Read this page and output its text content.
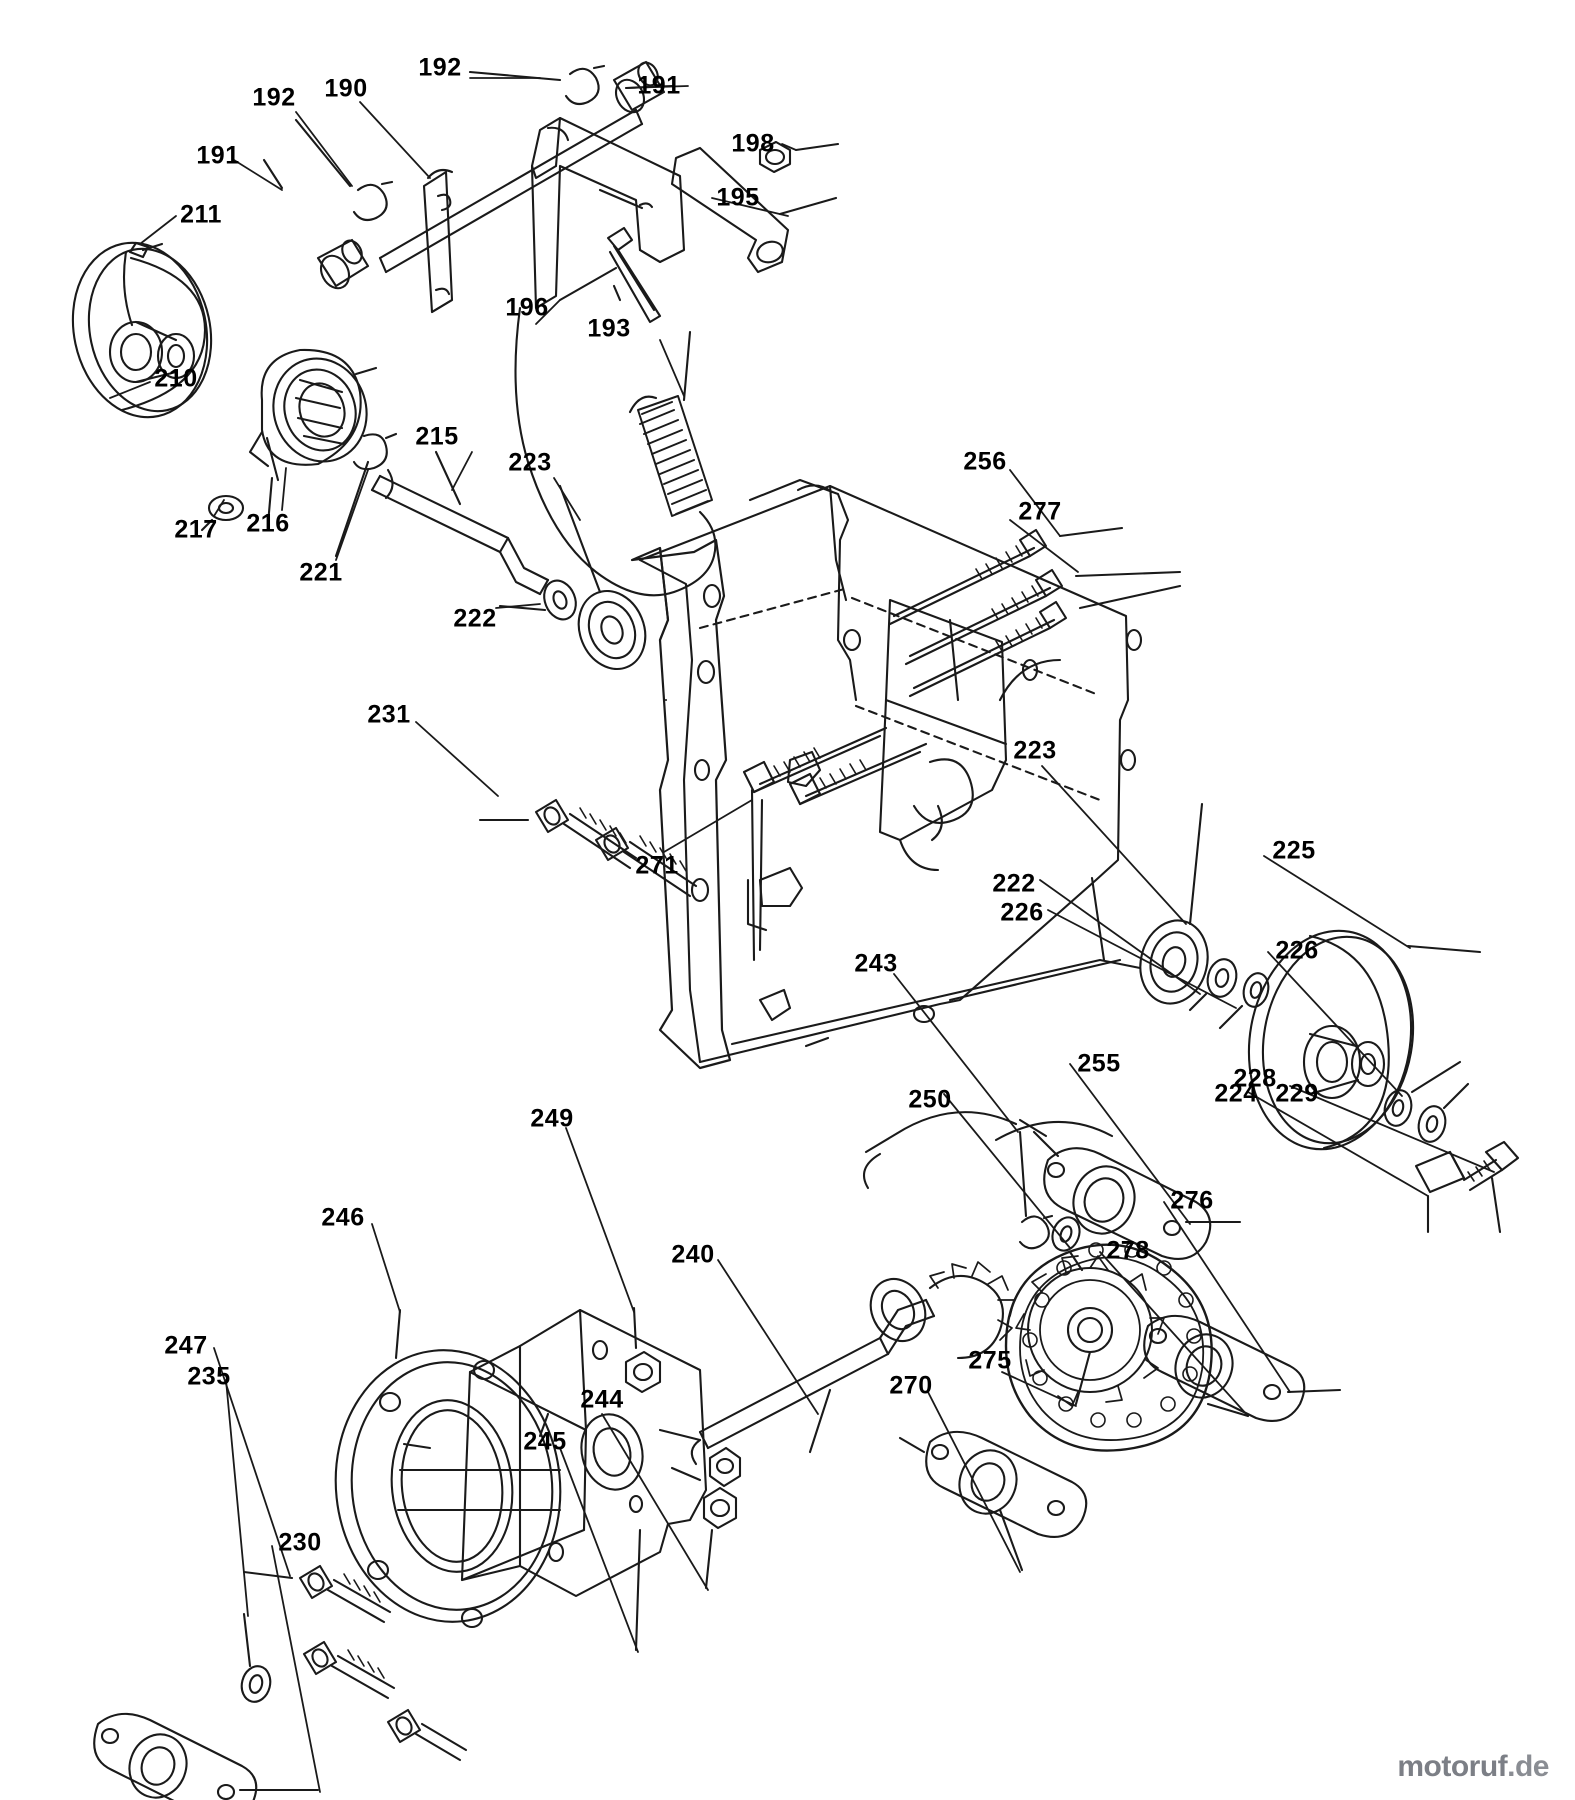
192
191
190
192
198
191
195
211
196
193
210
215
217 216
223	256
277
221
222
231
223
225
271
222
226
226
243
255
250
228
224 229
249
276
246
240	278
247
235
244
275
270
245
230
motoruf.de
